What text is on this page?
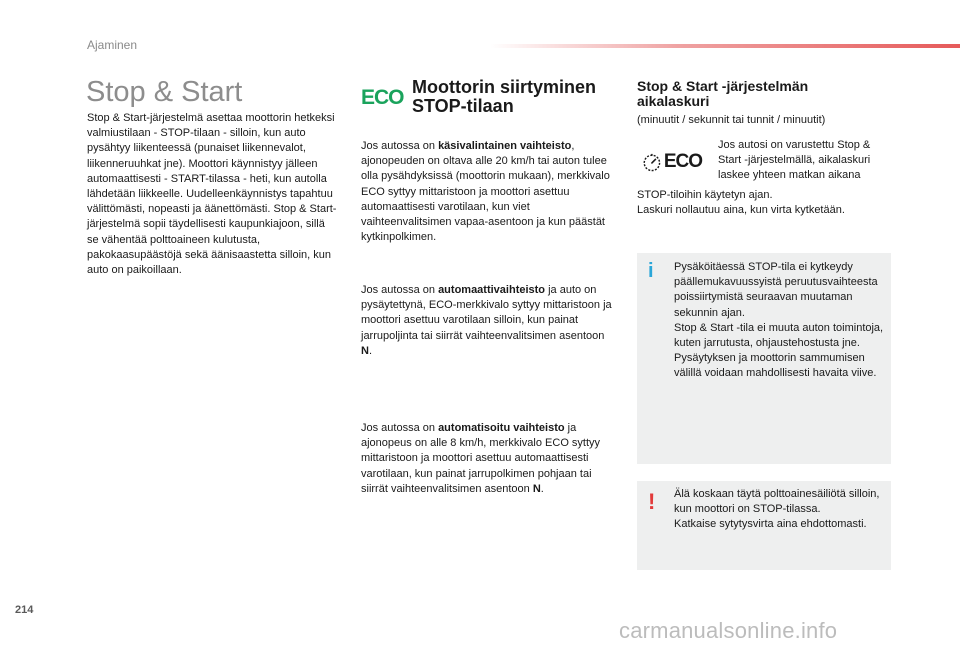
Ajaminen
Stop & Start

Stop & Start-järjestelmä asettaa moottorin hetkeksi valmiustilaan - STOP-tilaan - silloin, kun auto pysähtyy liikenteessä (punaiset liikennevalot, liikenneruuhkat jne). Moottori käynnistyy jälleen automaattisesti - START-tilassa - heti, kun autolla lähdetään liikkeelle. Uudelleenkäynnistys tapahtuu välittömästi, nopeasti ja äänettömästi. Stop & Start-järjestelmä sopii täydellisesti kaupunkiajoon, sillä se vähentää polttoaineen kulutusta, pakokaasupäästöjä sekä äänisaastetta silloin, kun auto on paikoillaan.

ECO Moottorin siirtyminen STOP-tilaan

Jos autossa on käsivalintainen vaihteisto, ajonopeuden on oltava alle 20 km/h tai auton tulee olla pysähdyksissä (moottorin mukaan), merkkivalo ECO syttyy mittaristoon ja moottori asettuu automaattisesti varotilaan, kun viet vaihteenvalitsimen vapaa-asentoon ja kun päästät kytkinpolkimen.

Jos autossa on automaattivaihteisto ja auto on pysäytettynä, ECO-merkkivalo syttyy mittaristoon ja moottori asettuu varotilaan silloin, kun painat jarrupoljinta tai siirrät vaihteenvalitsimen asentoon N.

Jos autossa on automatisoitu vaihteisto ja ajonopeus on alle 8 km/h, merkkivalo ECO syttyy mittaristoon ja moottori asettuu automaattisesti varotilaan, kun painat jarrupolkimen pohjaan tai siirrät vaihteenvalitsimen asentoon N.

Stop & Start -järjestelmän aikalaskuri

(minuutit / sekunnit tai tunnit / minuutit)

ECO

Jos autosi on varustettu Stop & Start -järjestelmällä, aikalaskuri laskee yhteen matkan aikana

STOP-tiloihin käytetyn ajan.
Laskuri nollautuu aina, kun virta kytketään.

i Pysäköitäessä STOP-tila ei kytkeydy päällemukavuussyistä peruutusvaihteesta poissiirtymistä seuraavan muutaman sekunnin ajan.
Stop & Start -tila ei muuta auton toimintoja, kuten jarrutusta, ohjaustehostusta jne.
Pysäytyksen ja moottorin sammumisen välillä voidaan mahdollisesti havaita viive.

! Älä koskaan täytä polttoainesäiliötä silloin, kun moottori on STOP-tilassa.
Katkaise sytytysvirta aina ehdottomasti.

214
carmanualsonline.info
